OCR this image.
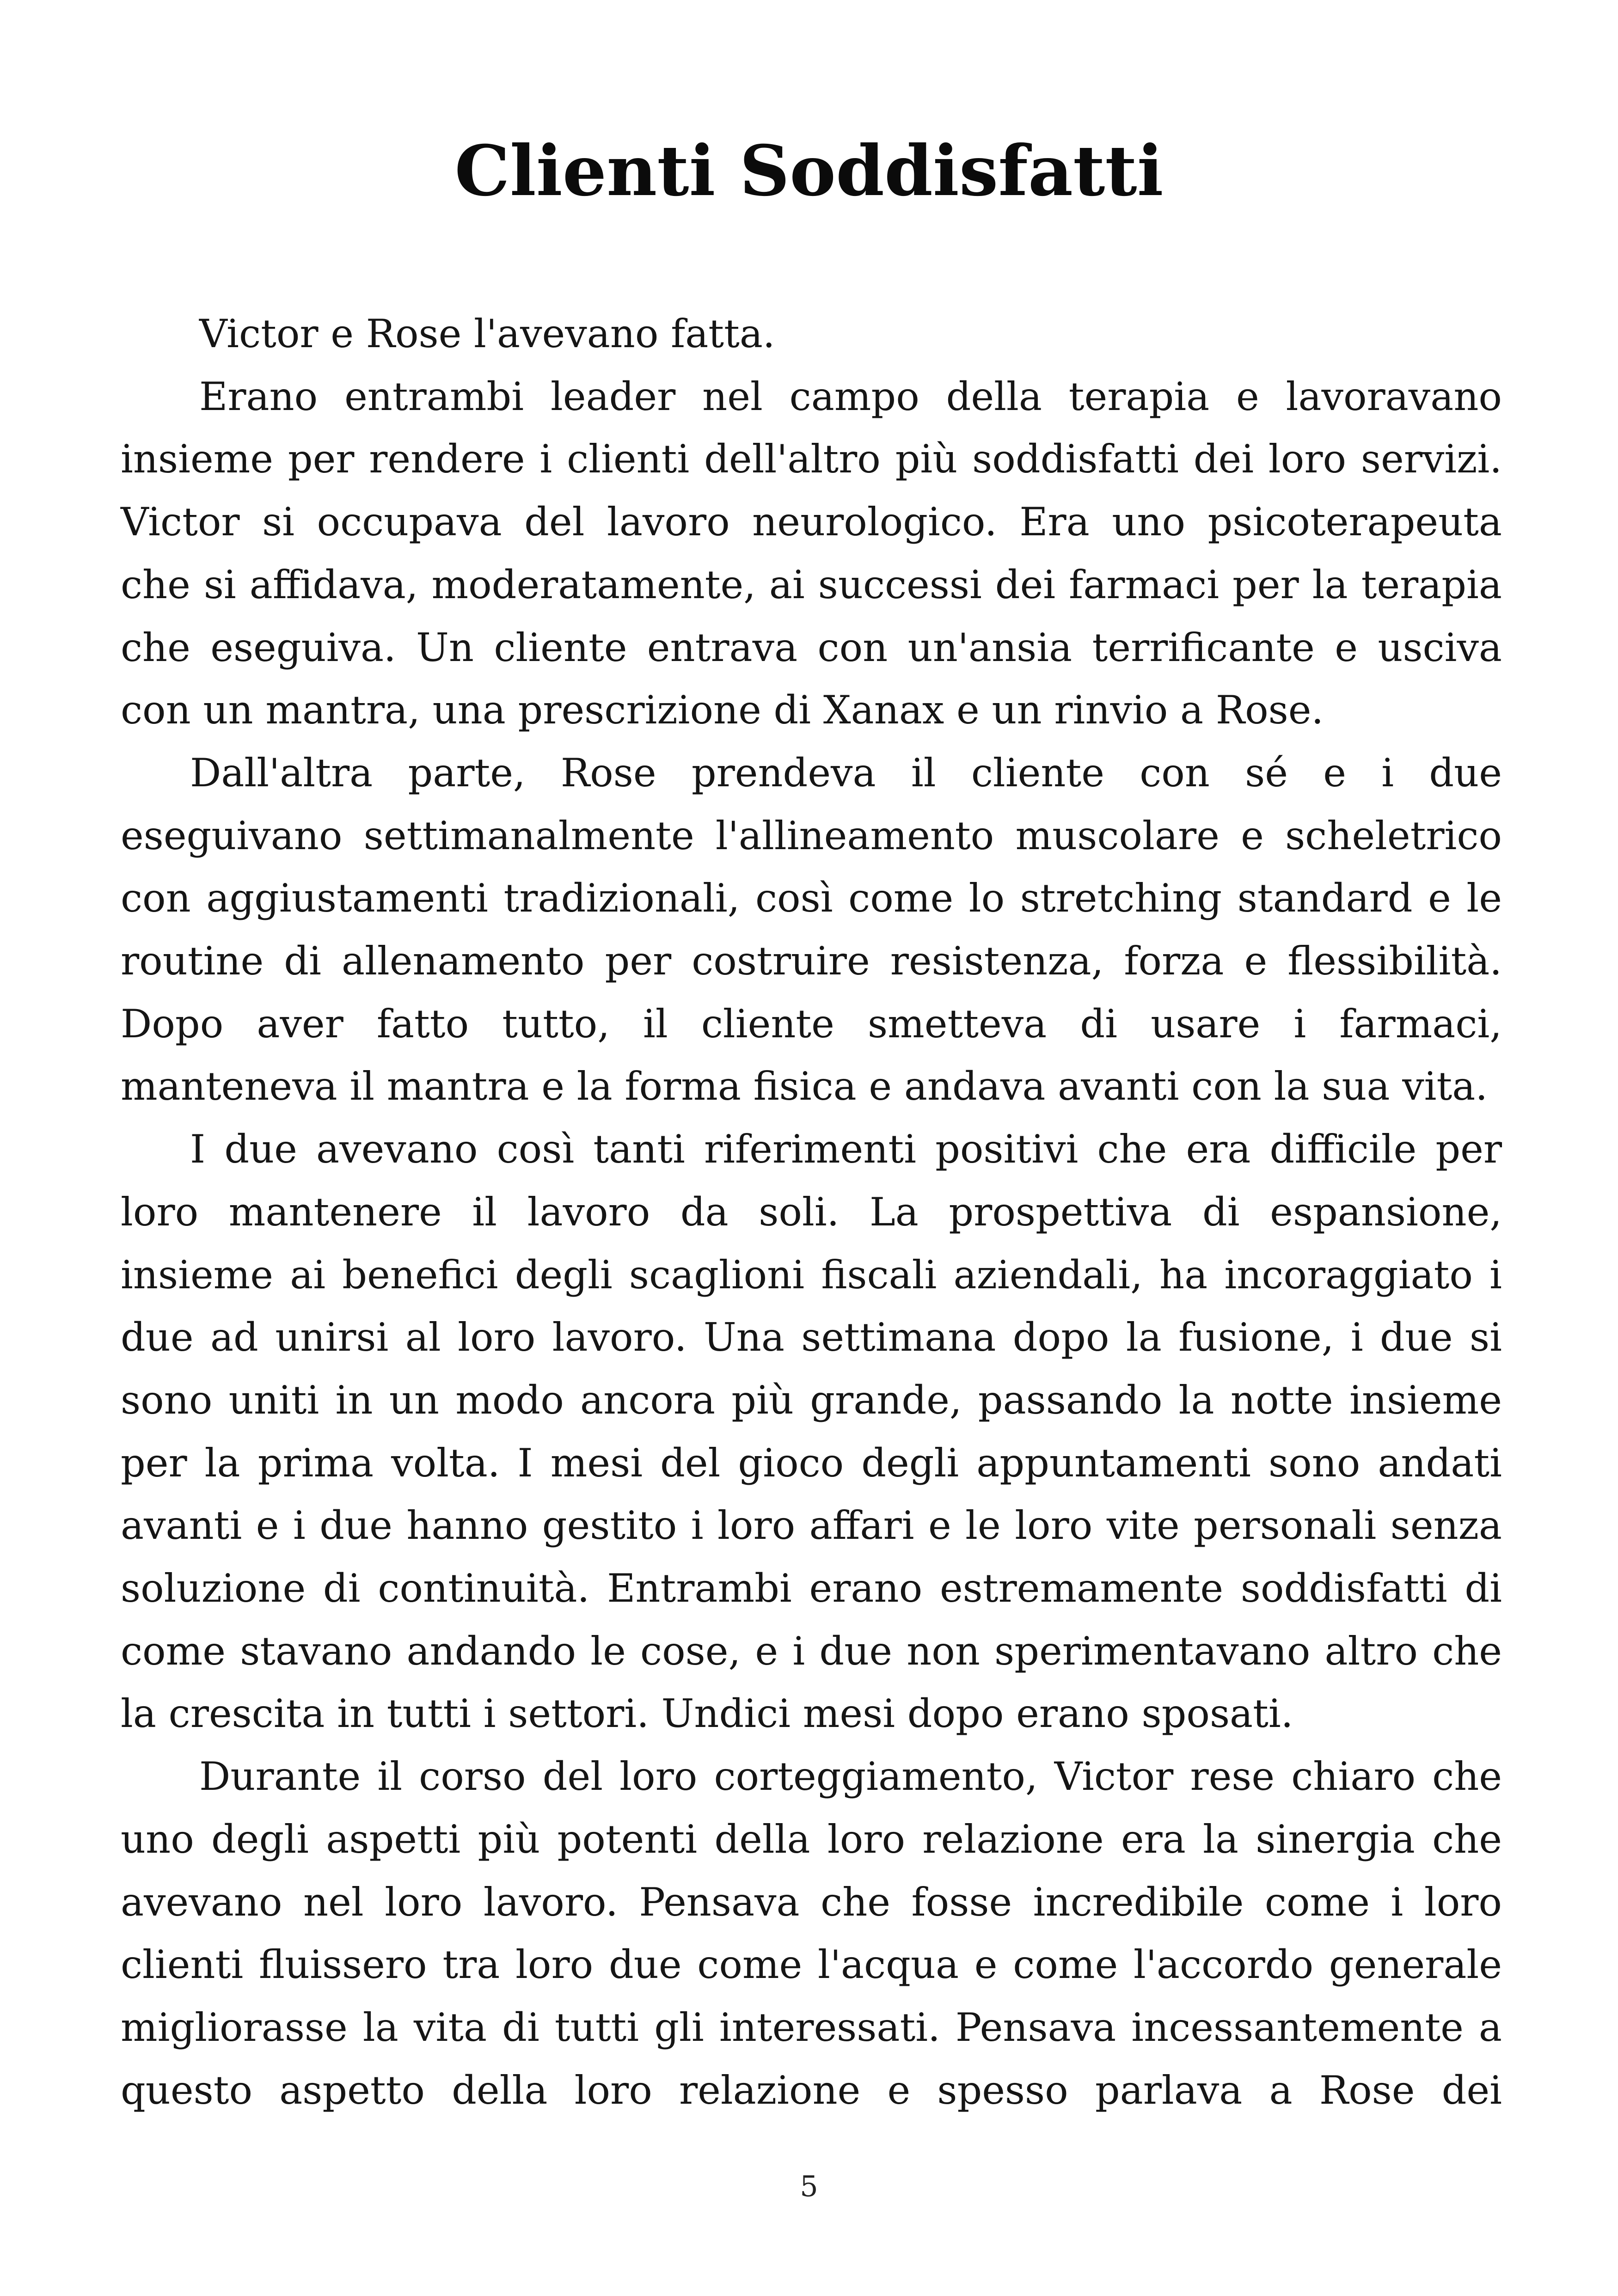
Clienti Soddisfatti

Victor e Rose l'avevano fatta.

Erano entrambi leader nel campo della terapia e lavoravano insieme per rendere i clienti dell'altro più soddisfatti dei loro servizi. Victor si occupava del lavoro neurologico. Era uno psicoterapeuta che si affidava, moderatamente, ai successi dei farmaci per la terapia che eseguiva. Un cliente entrava con un'ansia terrificante e usciva con un mantra, una prescrizione di Xanax e un rinvio a Rose.

Dall'altra parte, Rose prendeva il cliente con sé e i due eseguivano settimanalmente l'allineamento muscolare e scheletrico con aggiustamenti tradizionali, così come lo stretching standard e le routine di allenamento per costruire resistenza, forza e flessibilità. Dopo aver fatto tutto, il cliente smetteva di usare i farmaci, manteneva il mantra e la forma fisica e andava avanti con la sua vita.

I due avevano così tanti riferimenti positivi che era difficile per loro mantenere il lavoro da soli. La prospettiva di espansione, insieme ai benefici degli scaglioni fiscali aziendali, ha incoraggiato i due ad unirsi al loro lavoro. Una settimana dopo la fusione, i due si sono uniti in un modo ancora più grande, passando la notte insieme per la prima volta. I mesi del gioco degli appuntamenti sono andati avanti e i due hanno gestito i loro affari e le loro vite personali senza soluzione di continuità. Entrambi erano estremamente soddisfatti di come stavano andando le cose, e i due non sperimentavano altro che la crescita in tutti i settori. Undici mesi dopo erano sposati.

Durante il corso del loro corteggiamento, Victor rese chiaro che uno degli aspetti più potenti della loro relazione era la sinergia che avevano nel loro lavoro. Pensava che fosse incredibile come i loro clienti fluissero tra loro due come l'acqua e come l'accordo generale migliorasse la vita di tutti gli interessati. Pensava incessantemente a questo aspetto della loro relazione e spesso parlava a Rose dei

5
